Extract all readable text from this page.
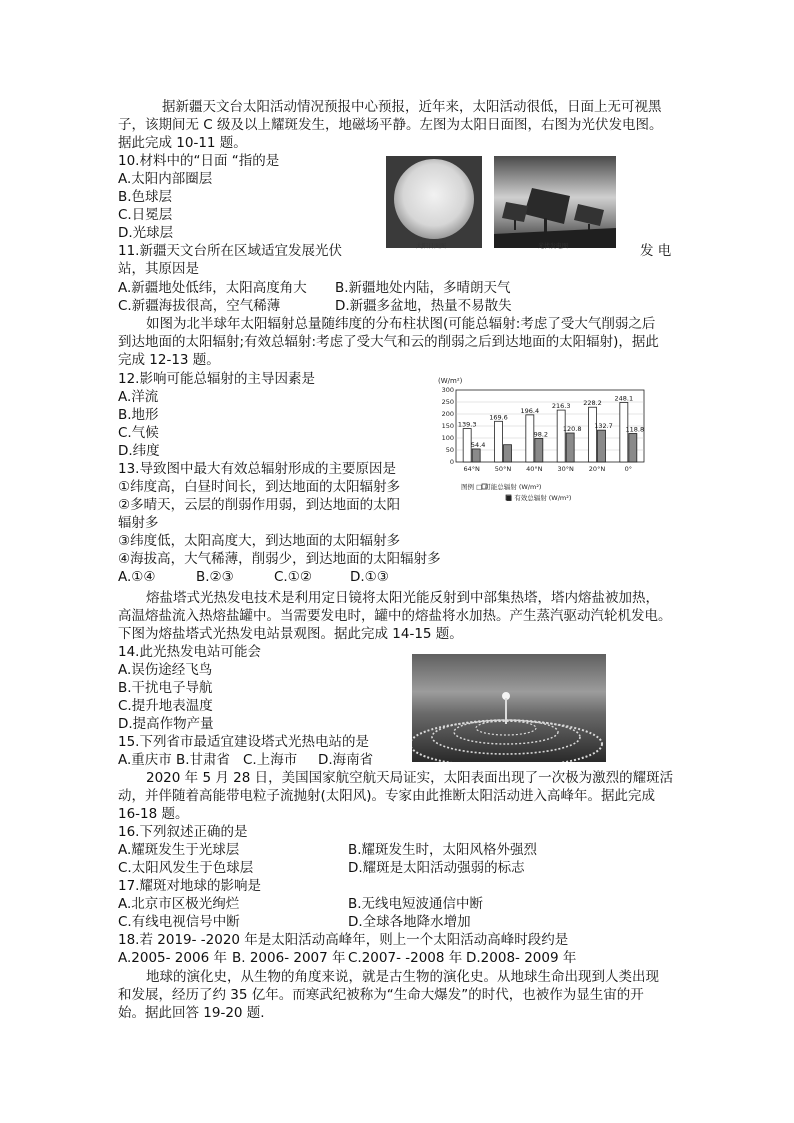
据新疆天文台太阳活动情况预报中心预报，近年来，太阳活动很低，日面上无可视黑
子，该期间无 C 级及以上耀斑发生，地磁场平静。左图为太阳日面图，右图为光伏发电图。
据此完成 10-11 题。
10.材料中的“日面 “指的是
A.太阳内部圈层
B.色球层
C.日冕层
D.光球层
太阳日面图	光伏发电图
11.新疆天文台所在区域适宜发展光伏	发 电
站，其原因是
A.新疆地处低纬，太阳高度角大 B.新疆地处内陆，多晴朗天气
C.新疆海拔很高，空气稀薄	D.新疆多盆地，热量不易散失
如图为北半球年太阳辐射总量随纬度的分布柱状图(可能总辐射:考虑了受大气削弱之后
到达地面的太阳辐射;有效总辐射:考虑了受大气和云的削弱之后到达地面的太阳辐射)，据此
完成 12-13 题。
12.影响可能总辐射的主导因素是
A.洋流
B.地形
C.气候
D.纬度
(W/m²)
0
50
100
150
200
250
300
139.3
54.4
169.6
196.4
98.2
216.3
120.8
228.2
132.7
248.1
118.8
64°N 50°N 40°N 30°N 20°N	0°
图例 □ 可能总辐射 (W/m²)
■ 有效总辐射 (W/m²)
13.导致图中最大有效总辐射形成的主要原因是
①纬度高，白昼时间长，到达地面的太阳辐射多
②多晴天，云层的削弱作用弱，到达地面的太阳
辐射多
③纬度低，太阳高度大，到达地面的太阳辐射多
④海拔高，大气稀薄，削弱少，到达地面的太阳辐射多
A.①④	B.②③	C.①②	D.①③
熔盐塔式光热发电技术是利用定日镜将太阳光能反射到中部集热塔，塔内熔盐被加热，
高温熔盐流入热熔盐罐中。当需要发电时，罐中的熔盐将水加热。产生蒸汽驱动汽轮机发电。
下图为熔盐塔式光热发电站景观图。据此完成 14-15 题。
14.此光热发电站可能会
A.误伤途经飞鸟
B.干扰电子导航
C.提升地表温度
D.提高作物产量
15.下列省市最适宜建设塔式光热电站的是
A.重庆市 B.甘肃省 C.上海市 D.海南省
2020 年 5 月 28 日，美国国家航空航天局证实，太阳表面出现了一次极为激烈的耀斑活
动，并伴随着高能带电粒子流抛射(太阳风)。专家由此推断太阳活动进入高峰年。据此完成
16-18 题。
16.下列叙述正确的是
A.耀斑发生于光球层	B.耀斑发生时，太阳风格外强烈
C.太阳风发生于色球层	D.耀斑是太阳活动强弱的标志
17.耀斑对地球的影响是
A.北京市区极光绚烂	B.无线电短波通信中断
C.有线电视信号中断	D.全球各地降水增加
18.若 2019- -2020 年是太阳活动高峰年，则上一个太阳活动高峰时段约是
A.2005- 2006 年 B. 2006- 2007 年 C.2007- -2008 年 D.2008- 2009 年
地球的演化史，从生物的角度来说，就是古生物的演化史。从地球生命出现到人类出现
和发展，经历了约 35 亿年。而寒武纪被称为“生命大爆发”的时代，也被作为显生宙的开
始。据此回答 19-20 题.
